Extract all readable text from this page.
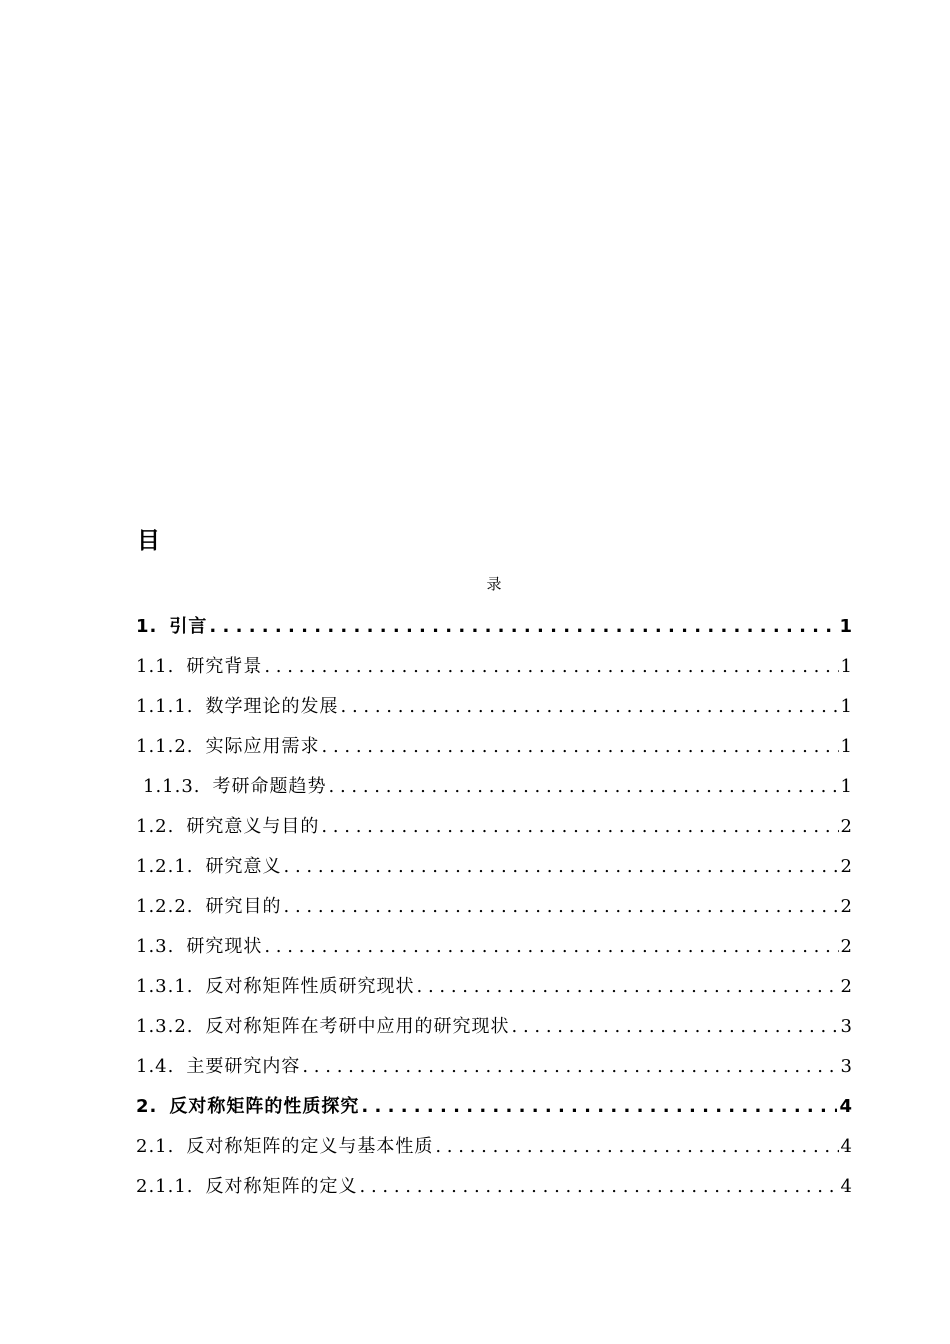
目
录
1. 引言 . . .	1
1.1. 研究背景 . . .	1
1.1.1. 数学理论的发展 . . .	1
1.1.2. 实际应用需求 . . .	1
1.1.3. 考研命题趋势 . . .	1
1.2. 研究意义与目的 . . .	2
1.2.1. 研究意义 . . .	2
1.2.2. 研究目的 . . .	2
1.3. 研究现状 . . .	2
1.3.1. 反对称矩阵性质研究现状 . . .	2
1.3.2. 反对称矩阵在考研中应用的研究现状 . . .	3
1.4. 主要研究内容 . . .	3
2. 反对称矩阵的性质探究 . . .	4
2.1. 反对称矩阵的定义与基本性质 . . .	4
2.1.1. 反对称矩阵的定义 . . .	4
